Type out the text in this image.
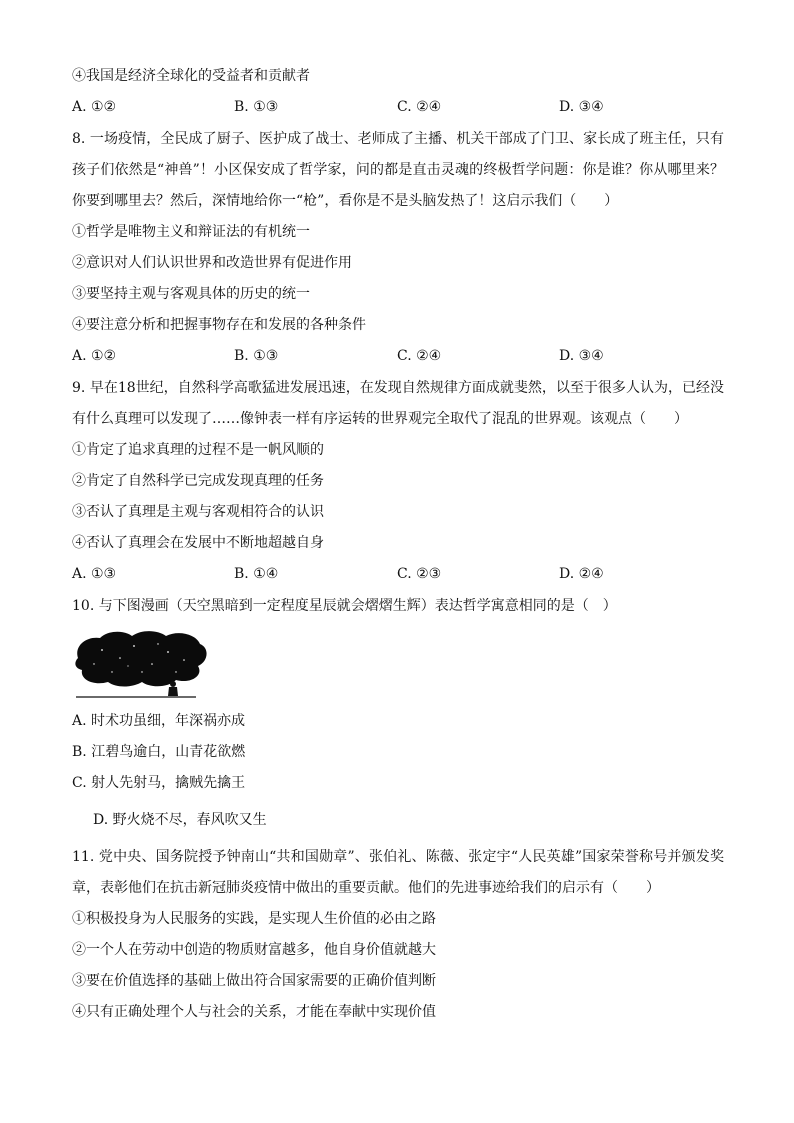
④我国是经济全球化的受益者和贡献者
A. ①②	B. ①③	C. ②④	D. ③④
8. 一场疫情，全民成了厨子、医护成了战士、老师成了主播、机关干部成了门卫、家长成了班主任，只有孩子们依然是“神兽”！小区保安成了哲学家，问的都是直击灵魂的终极哲学问题：你是谁？你从哪里来？你要到哪里去？然后，深情地给你一“枪”，看你是不是头脑发热了！这启示我们（　　）
①哲学是唯物主义和辩证法的有机统一
②意识对人们认识世界和改造世界有促进作用
③要坚持主观与客观具体的历史的统一
④要注意分析和把握事物存在和发展的各种条件
A. ①②	B. ①③	C. ②④	D. ③④
9. 早在18世纪，自然科学高歌猛进发展迅速，在发现自然规律方面成就斐然，以至于很多人认为，已经没有什么真理可以发现了……像钟表一样有序运转的世界观完全取代了混乱的世界观。该观点（　　）
①肯定了追求真理的过程不是一帆风顺的
②肯定了自然科学已完成发现真理的任务
③否认了真理是主观与客观相符合的认识
④否认了真理会在发展中不断地超越自身
A. ①③	B. ①④	C. ②③	D. ②④
10. 与下图漫画（天空黑暗到一定程度星辰就会熠熠生辉）表达哲学寓意相同的是（　）
A. 时术功虽细，年深祸亦成
B. 江碧鸟逾白，山青花欲燃
C. 射人先射马，擒贼先擒王
D. 野火烧不尽，春风吹又生
11. 党中央、国务院授予钟南山“共和国勋章”、张伯礼、陈薇、张定宇“人民英雄”国家荣誉称号并颁发奖章，表彰他们在抗击新冠肺炎疫情中做出的重要贡献。他们的先进事迹给我们的启示有（　　）
①积极投身为人民服务的实践，是实现人生价值的必由之路
②一个人在劳动中创造的物质财富越多，他自身价值就越大
③要在价值选择的基础上做出符合国家需要的正确价值判断
④只有正确处理个人与社会的关系，才能在奉献中实现价值
